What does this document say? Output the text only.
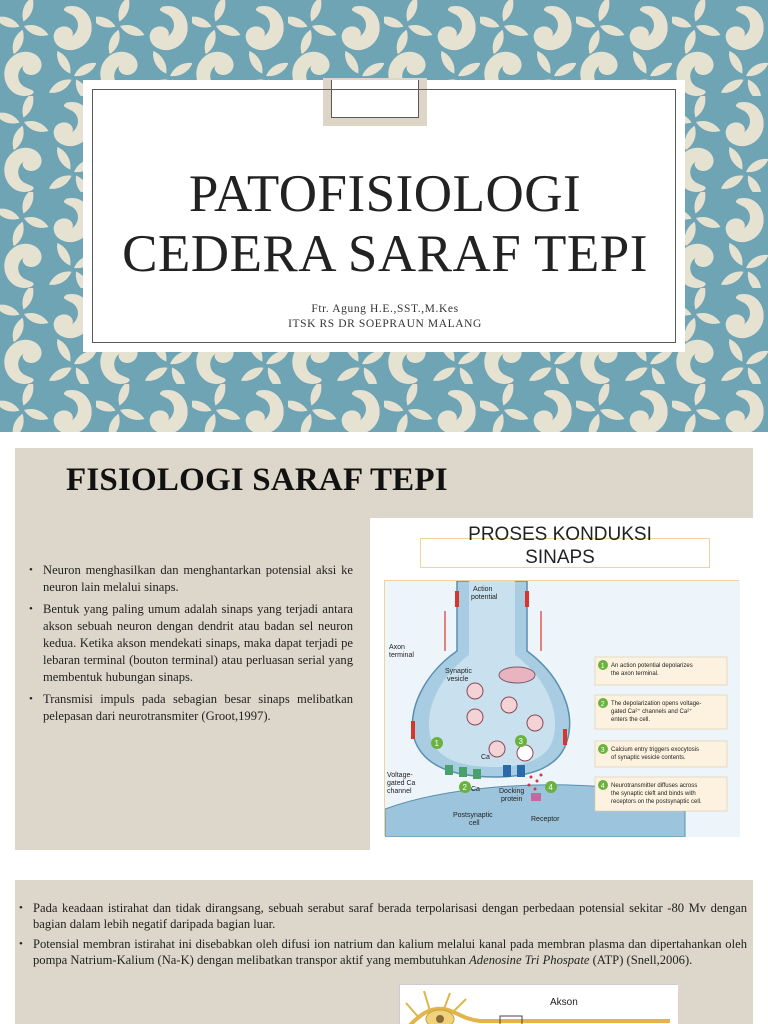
PATOFISIOLOGI
CEDERA SARAF TEPI
Ftr. Agung H.E.,SST.,M.Kes
ITSK RS DR SOEPRAUN MALANG
FISIOLOGI SARAF TEPI
• Neuron menghasilkan dan menghantarkan potensial aksi ke neuron lain melalui sinaps.
• Bentuk yang paling umum adalah sinaps yang terjadi antara akson sebuah neuron dengan dendrit atau badan sel neuron kedua. Ketika akson mendekati sinaps, maka dapat terjadi pe lebaran terminal (bouton terminal) atau perluasan serial yang membentuk hubungan sinaps.
• Transmisi impuls pada sebagian besar sinaps melibatkan pelepasan dari neurotransmiter (Groot,1997).
PROSES KONDUKSI
SINAPS
1
2
3
4
Action
potential
Axon
terminal
Synaptic
vesicle
Ca
Ca
Voltage-
gated Ca
channel	Docking
protein
Postsynaptic
cell
Receptor
1 An action potential depolarizes
the axon terminal.
2 The depolarization opens voltage-
gated Ca²⁺ channels and Ca²⁺
enters the cell.
3 Calcium entry triggers exocytosis
of synaptic vesicle contents.
4 Neurotransmitter diffuses across
the synaptic cleft and binds with
receptors on the postsynaptic cell.
• Pada keadaan istirahat dan tidak dirangsang, sebuah serabut saraf berada terpolarisasi dengan perbedaan potensial sekitar -80 Mv dengan bagian dalam lebih negatif daripada bagian luar.
• Potensial membran istirahat ini disebabkan oleh difusi ion natrium dan kalium melalui kanal pada membran plasma dan dipertahankan oleh pompa Natrium-Kalium (Na-K) dengan melibatkan transpor aktif yang membutuhkan Adenosine Tri Phospate (ATP) (Snell,2006).
Akson
